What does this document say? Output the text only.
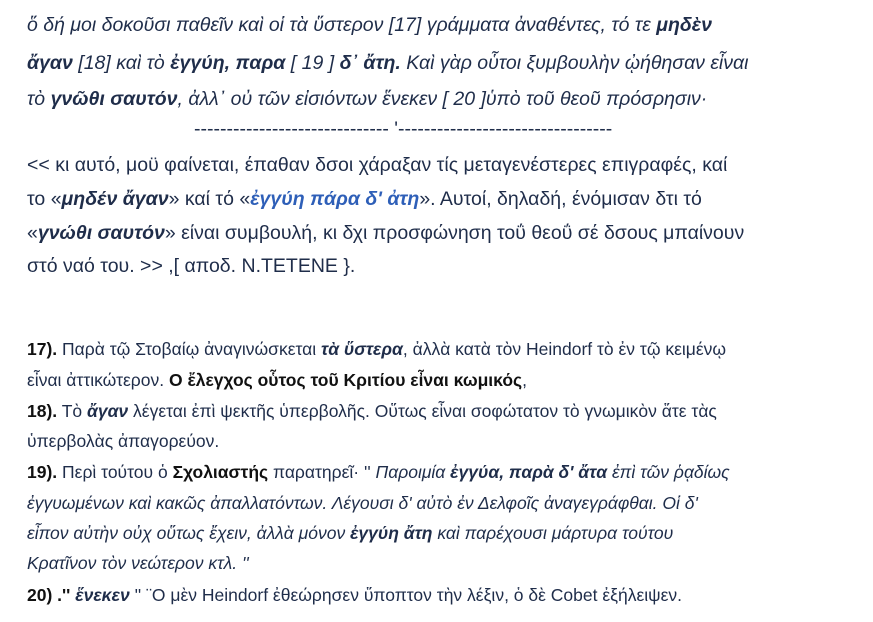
ὅ δή μοι δοκοῦσι παθεῖν καὶ οἱ τὰ ὕστερον [17] γράμματα ἀναθέντες, τό τε μηδὲν
ἄγαν [18] καὶ τὸ ἐγγύη, παρα [ 19 ] δ᾽ ἄτη. Καὶ γὰρ οὗτοι ξυμβουλὴν ᾠήθησαν εἶναι
τὸ γνῶθι σαυτόν, ἀλλ᾽ οὐ τῶν εἰσιόντων ἕνεκεν [ 20 ]ὑπὸ τοῦ θεοῦ πρόσρησιν·
------------------------------ '---------------------------------
<< κι αυτό, μοϋ φαίνεται, έπαθαν δσοι χάραξαν τίς μεταγενέστερες επιγραφές, καί
το «μηδέν ἄγαν» καί τό «ἐγγύη πάρα δ' ἀτη». Αυτοί, δηλαδή, ένόμισαν δτι τό
«γνώθι σαυτόν» είναι συμβουλή, κι δχι προσφώνηση τοΰ θεοΰ σέ δσους μπαίνουν
στό ναό του. >> ,[ αποδ. N.TETENE }.
17). Παρὰ τῷ Στοβαίῳ ἀναγινώσκεται τὰ ὕστερα, ἀλλὰ κατὰ τὸν Heindorf τὸ ἐν τῷ κειμένῳ
εἶναι ἀττικώτερον. Ο ἔλεγχος οὗτος τοῦ Κριτίου εἶναι κωμικός,
18). Τὸ ἄγαν λέγεται ἐπὶ ψεκτῆς ὑπερβολῆς. Οὕτως εἶναι σοφώτατον τὸ γνωμικὸν ἅτε τὰς
ὑπερβολὰς ἀπαγορεύον.
19). Περὶ τούτου ὁ Σχολιαστής παρατηρεῖ· '' Παροιμία ἐγγύα, παρὰ δ' ἄτα ἐπὶ τῶν ῥᾳδίως
ἐγγυωμένων καὶ κακῶς ἀπαλλατόντων. Λέγουσι δ' αὐτὸ ἐν Δελφοῖς ἀναγεγράφθαι. Οἱ δ'
εἶπον αὐτὴν οὐχ οὕτως ἔχειν, ἀλλὰ μόνον ἐγγύη ἄτη καὶ παρέχουσι μάρτυρα τούτου
Κρατῖνον τὸν νεώτερον κτλ. ''
20) .'' ἕνεκεν '' ¨Ο μὲν Heindorf ἐθεώρησεν ὕποπτον τὴν λέξιν, ὁ δὲ Cobet ἐξήλειψεν.
